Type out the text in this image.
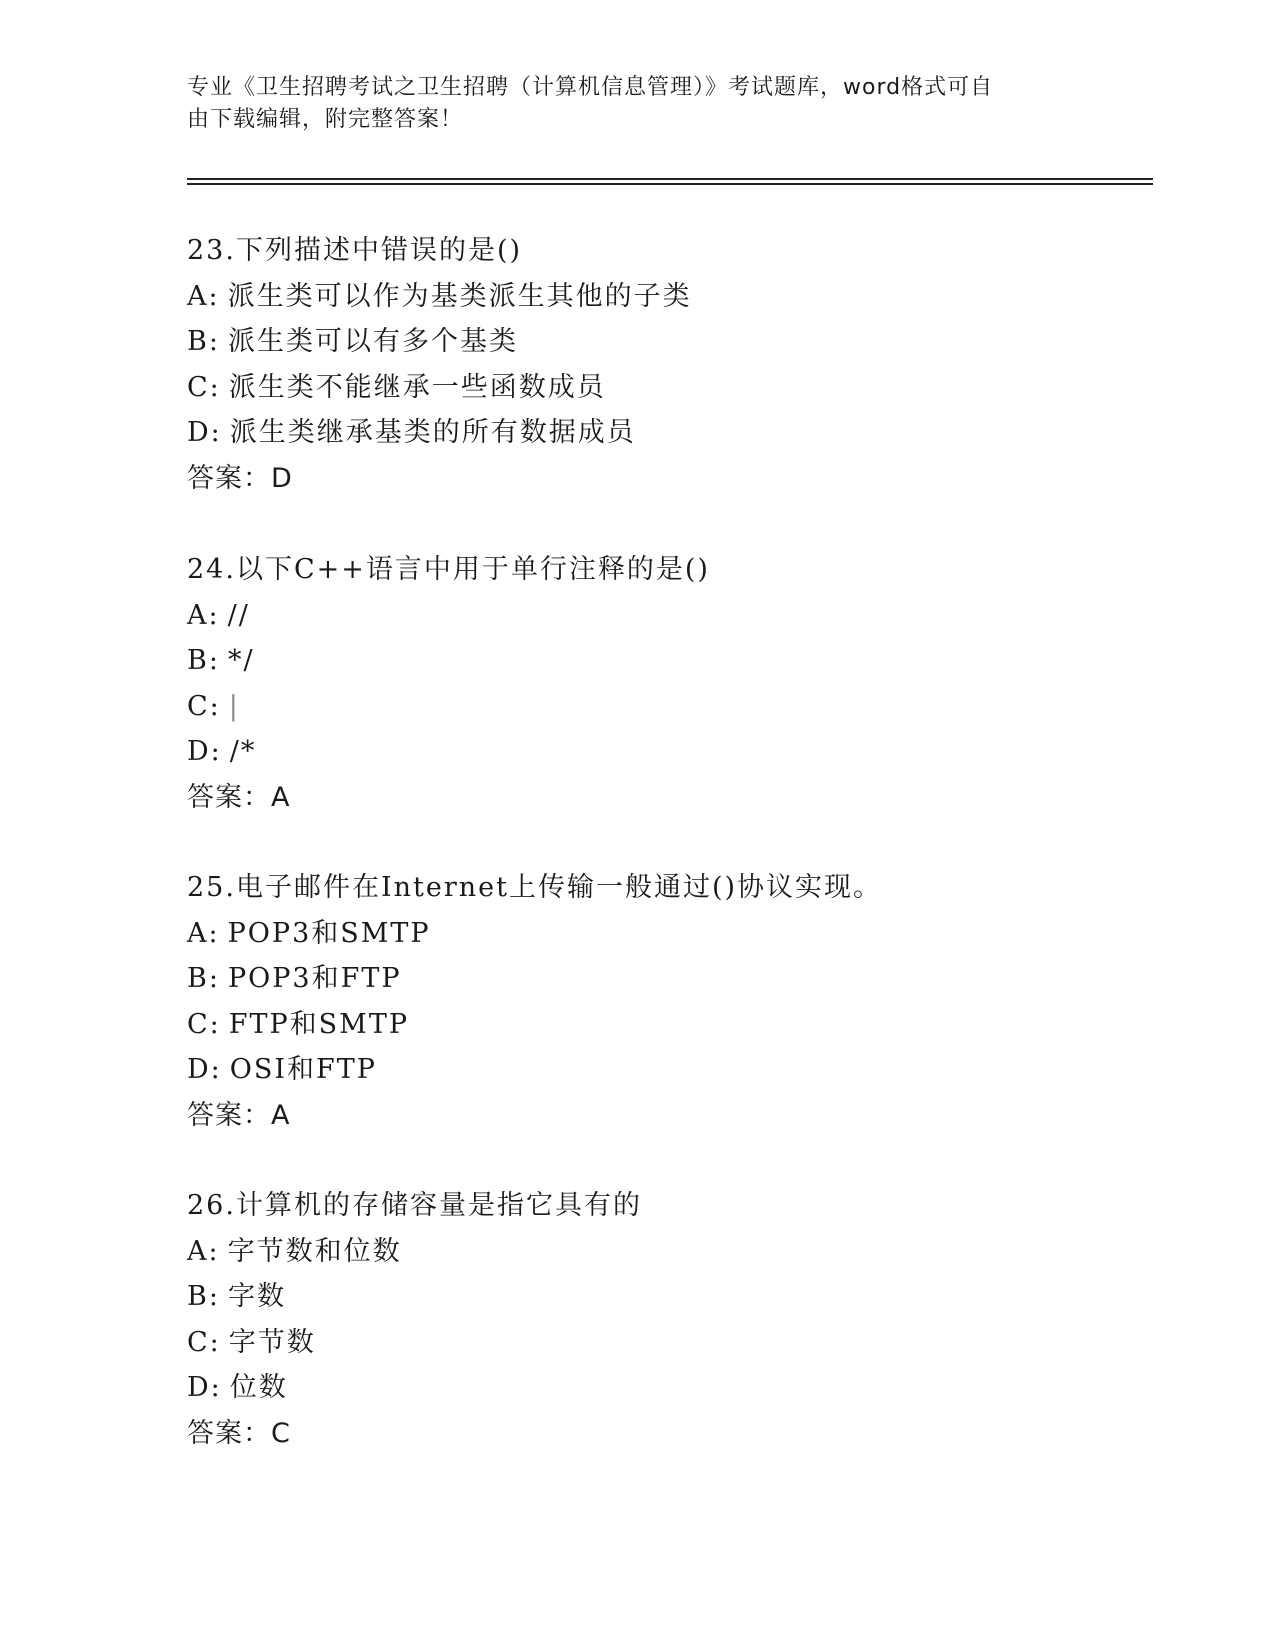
专业《卫生招聘考试之卫生招聘（计算机信息管理）》考试题库，word格式可自
由下载编辑，附完整答案！
23.下列描述中错误的是()
A: 派生类可以作为基类派生其他的子类
B: 派生类可以有多个基类
C: 派生类不能继承一些函数成员
D: 派生类继承基类的所有数据成员
答案：D
24.以下C++语言中用于单行注释的是()
A: //
B: */
C: |
D: /*
答案：A
25.电子邮件在Internet上传输一般通过()协议实现。
A: POP3和SMTP
B: POP3和FTP
C: FTP和SMTP
D: OSI和FTP
答案：A
26.计算机的存储容量是指它具有的
A: 字节数和位数
B: 字数
C: 字节数
D: 位数
答案：C
